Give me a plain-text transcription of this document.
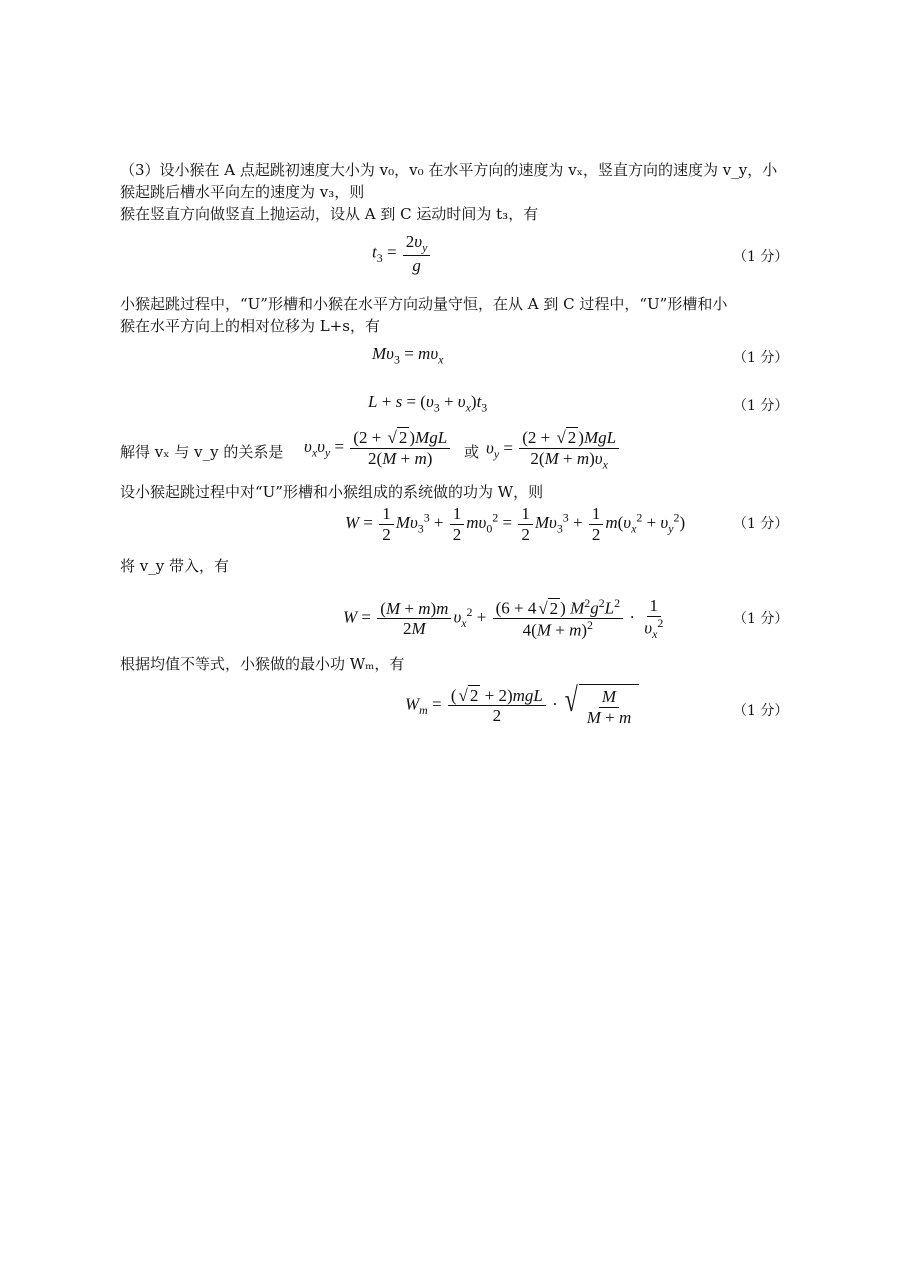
（3）设小猴在 A 点起跳初速度大小为 v₀，v₀ 在水平方向的速度为 vₓ，竖直方向的速度为 v_y，小
猴起跳后槽水平向左的速度为 v₃，则
猴在竖直方向做竖直上抛运动，设从 A 到 C 运动时间为 t₃，有
$t_3 = \frac{2\upsilon_y}{g}$	（1 分）
小猴起跳过程中，“U”形槽和小猴在水平方向动量守恒，在从 A 到 C 过程中，“U”形槽和小
猴在水平方向上的相对位移为 L+s，有
$M\upsilon_3 = m\upsilon_x$	（1 分）
$L + s = (\upsilon_3 + \upsilon_x)t_3$	（1 分）
解得 vₓ 与 v_y 的关系是 $\upsilon_x\upsilon_y = \frac{\text{(2 + √ 2 )MgL}}{2(M + m)}$ 或 $\upsilon_y = \frac{\text{(2 + √ 2 )MgL}}{2(M + m)\upsilon_x}$
设小猴起跳过程中对“U”形槽和小猴组成的系统做的功为 W，则
$W = \frac{1}{2} M\upsilon_3^3 + \frac{1}{2} m\upsilon_0^2 = \frac{1}{2} M\upsilon_3^3 + \frac{1}{2} m(\upsilon_x^2 + \upsilon_y^2)$	（1 分）
将 v_y 带入，有
$W = \frac{(M + m)m}{2M} \upsilon_x^2 + \frac{(6 + 4 √ 2 ) M^2g^2L^2}{4(M + m)^2} \cdot \frac{1}{\upsilon_x^2}$	（1 分）
根据均值不等式，小猴做的最小功 Wₘ，有
$W_m = \frac{\text{( √ 2 + 2)mgL}}{2}$ · √ $\frac{M}{M + m}$	（1 分）
